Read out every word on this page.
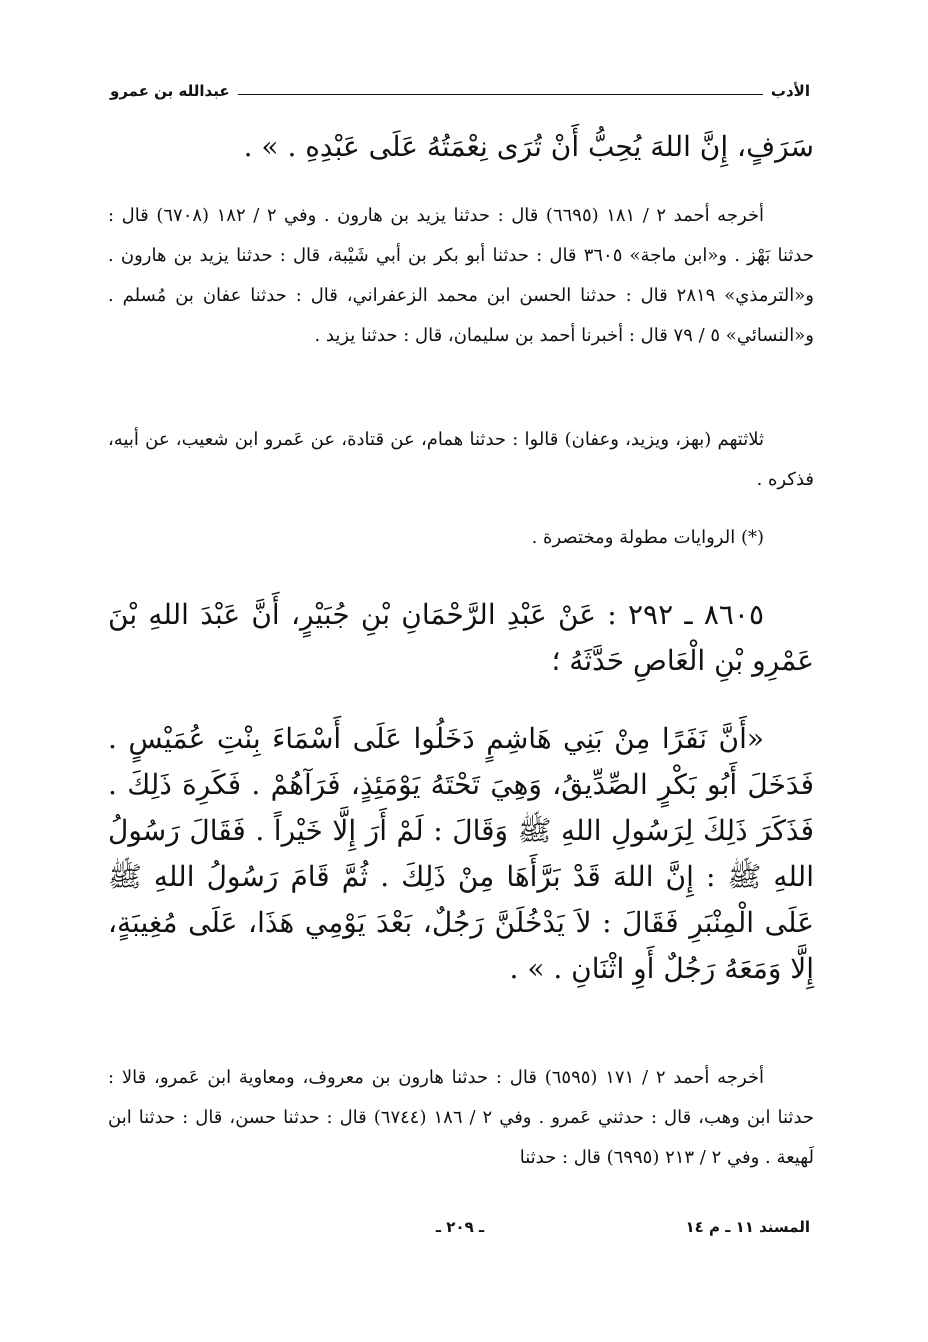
الأدب
عبدالله بن عمرو
سَرَفٍ، إِنَّ اللهَ يُحِبُّ أَنْ تُرَى نِعْمَتُهُ عَلَى عَبْدِهِ . » .
أخرجه أحمد ٢ / ١٨١ (٦٦٩٥) قال : حدثنا يزيد بن هارون . وفي ٢ / ١٨٢ (٦٧٠٨) قال : حدثنا بَهْز . و«ابن ماجة» ٣٦٠٥ قال : حدثنا أبو بكر بن أبي شَيْبة، قال : حدثنا يزيد بن هارون . و«الترمذي» ٢٨١٩ قال : حدثنا الحسن ابن محمد الزعفراني، قال : حدثنا عفان بن مُسلم . و«النسائي» ٥ / ٧٩ قال : أخبرنا أحمد بن سليمان، قال : حدثنا يزيد .
ثلاثتهم (بهز، ويزيد، وعفان) قالوا : حدثنا همام، عن قتادة، عن عَمرو ابن شعيب، عن أبيه، فذكره .
(*) الروايات مطولة ومختصرة .
٨٦٠٥ ـ ٢٩٢ : عَنْ عَبْدِ الرَّحْمَانِ بْنِ جُبَيْرٍ، أَنَّ عَبْدَ اللهِ بْنَ عَمْرِو بْنِ الْعَاصِ حَدَّثَهُ ؛
«أَنَّ نَفَرًا مِنْ بَنِي هَاشِمٍ دَخَلُوا عَلَى أَسْمَاءَ بِنْتِ عُمَيْسٍ . فَدَخَلَ أَبُو بَكْرٍ الصِّدِّيقُ، وَهِيَ تَحْتَهُ يَوْمَئِذٍ، فَرَآهُمْ . فَكَرِهَ ذَلِكَ . فَذَكَرَ ذَلِكَ لِرَسُولِ اللهِ ﷺ وَقَالَ : لَمْ أَرَ إِلَّا خَيْراً . فَقَالَ رَسُولُ اللهِ ﷺ : إِنَّ اللهَ قَدْ بَرَّأَهَا مِنْ ذَلِكَ . ثُمَّ قَامَ رَسُولُ اللهِ ﷺ عَلَى الْمِنْبَرِ فَقَالَ : لاَ يَدْخُلَنَّ رَجُلٌ، بَعْدَ يَوْمِي هَذَا، عَلَى مُغِيبَةٍ، إِلَّا وَمَعَهُ رَجُلٌ أَوِ اثْنَانِ . » .
أخرجه أحمد ٢ / ١٧١ (٦٥٩٥) قال : حدثنا هارون بن معروف، ومعاوية ابن عَمرو، قالا : حدثنا ابن وهب، قال : حدثني عَمرو . وفي ٢ / ١٨٦ (٦٧٤٤) قال : حدثنا حسن، قال : حدثنا ابن لَهيعة . وفي ٢ / ٢١٣ (٦٩٩٥) قال : حدثنا
ـ ٢٠٩ ـ	المسند ١١ ـ م ١٤
